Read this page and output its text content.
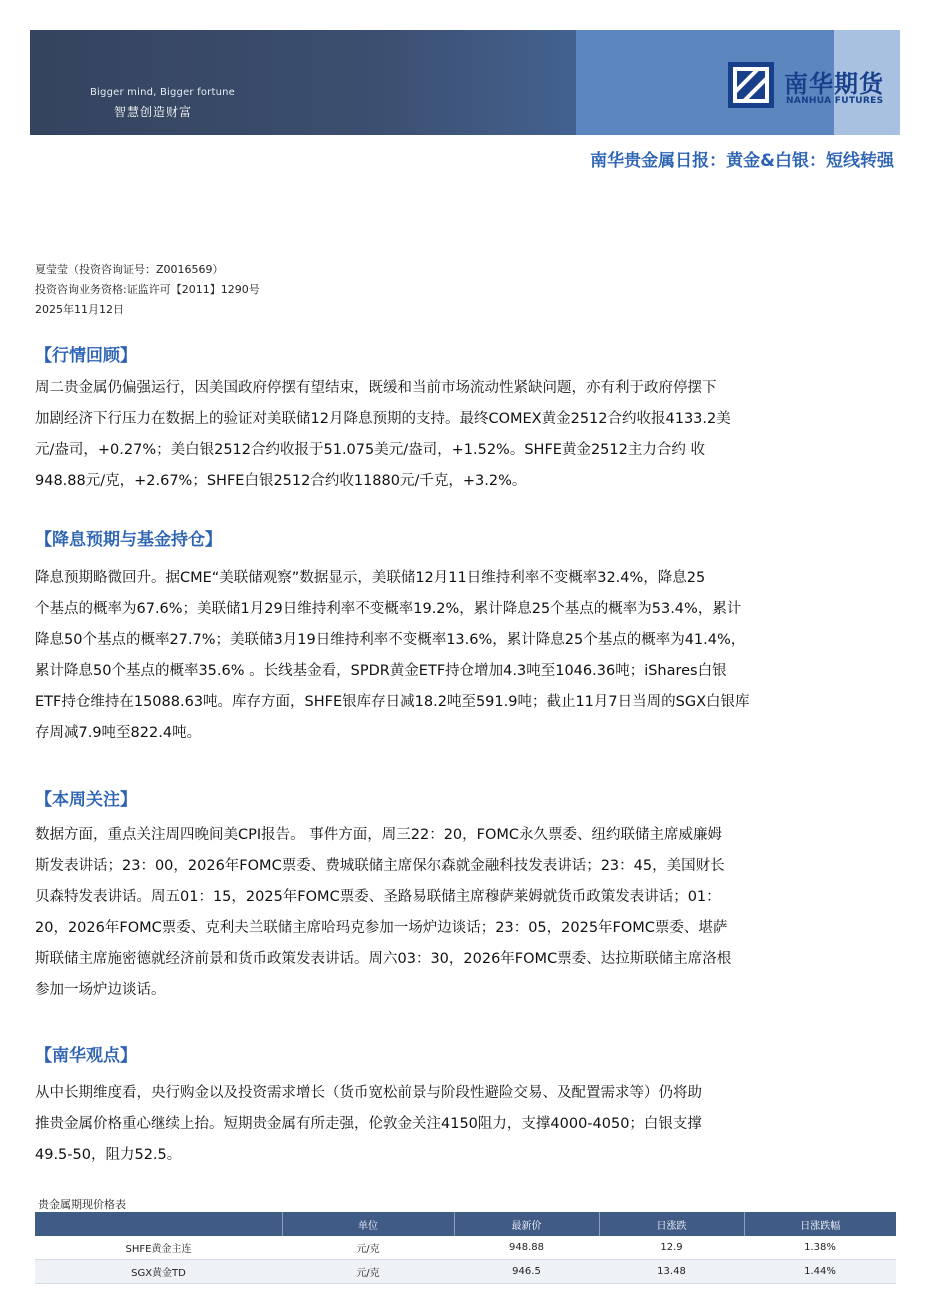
Bigger mind, Bigger fortune
智慧创造财富
南华期货
NANHUA FUTURES
南华贵金属日报：黄金&白银：短线转强
夏莹莹（投资咨询证号：Z0016569）
投资咨询业务资格:证监许可【2011】1290号
2025年11月12日
【行情回顾】
周二贵金属仍偏强运行，因美国政府停摆有望结束，既缓和当前市场流动性紧缺问题，亦有利于政府停摆下
加剧经济下行压力在数据上的验证对美联储12月降息预期的支持。最终COMEX黄金2512合约收报4133.2美
元/盎司，+0.27%；美白银2512合约收报于51.075美元/盎司，+1.52%。SHFE黄金2512主力合约 收
948.88元/克，+2.67%；SHFE白银2512合约收11880元/千克，+3.2%。
【降息预期与基金持仓】
降息预期略微回升。据CME“美联储观察”数据显示，美联储12月11日维持利率不变概率32.4%，降息25
个基点的概率为67.6%；美联储1月29日维持利率不变概率19.2%，累计降息25个基点的概率为53.4%，累计
降息50个基点的概率27.7%；美联储3月19日维持利率不变概率13.6%，累计降息25个基点的概率为41.4%，
累计降息50个基点的概率35.6% 。长线基金看，SPDR黄金ETF持仓增加4.3吨至1046.36吨；iShares白银
ETF持仓维持在15088.63吨。库存方面，SHFE银库存日减18.2吨至591.9吨；截止11月7日当周的SGX白银库
存周减7.9吨至822.4吨。
【本周关注】
数据方面，重点关注周四晚间美CPI报告。 事件方面，周三22：20，FOMC永久票委、纽约联储主席威廉姆
斯发表讲话；23：00，2026年FOMC票委、费城联储主席保尔森就金融科技发表讲话；23：45，美国财长
贝森特发表讲话。周五01：15，2025年FOMC票委、圣路易联储主席穆萨莱姆就货币政策发表讲话；01：
20，2026年FOMC票委、克利夫兰联储主席哈玛克参加一场炉边谈话；23：05，2025年FOMC票委、堪萨
斯联储主席施密德就经济前景和货币政策发表讲话。周六03：30，2026年FOMC票委、达拉斯联储主席洛根
参加一场炉边谈话。
【南华观点】
从中长期维度看，央行购金以及投资需求增长（货币宽松前景与阶段性避险交易、及配置需求等）仍将助
推贵金属价格重心继续上抬。短期贵金属有所走强，伦敦金关注4150阻力，支撑4000-4050；白银支撑
49.5-50，阻力52.5。
贵金属期现价格表
	单位	最新价	日涨跌	日涨跌幅
SHFE黄金主连	元/克	948.88	12.9	1.38%
SGX黄金TD	元/克	946.5	13.48	1.44%
